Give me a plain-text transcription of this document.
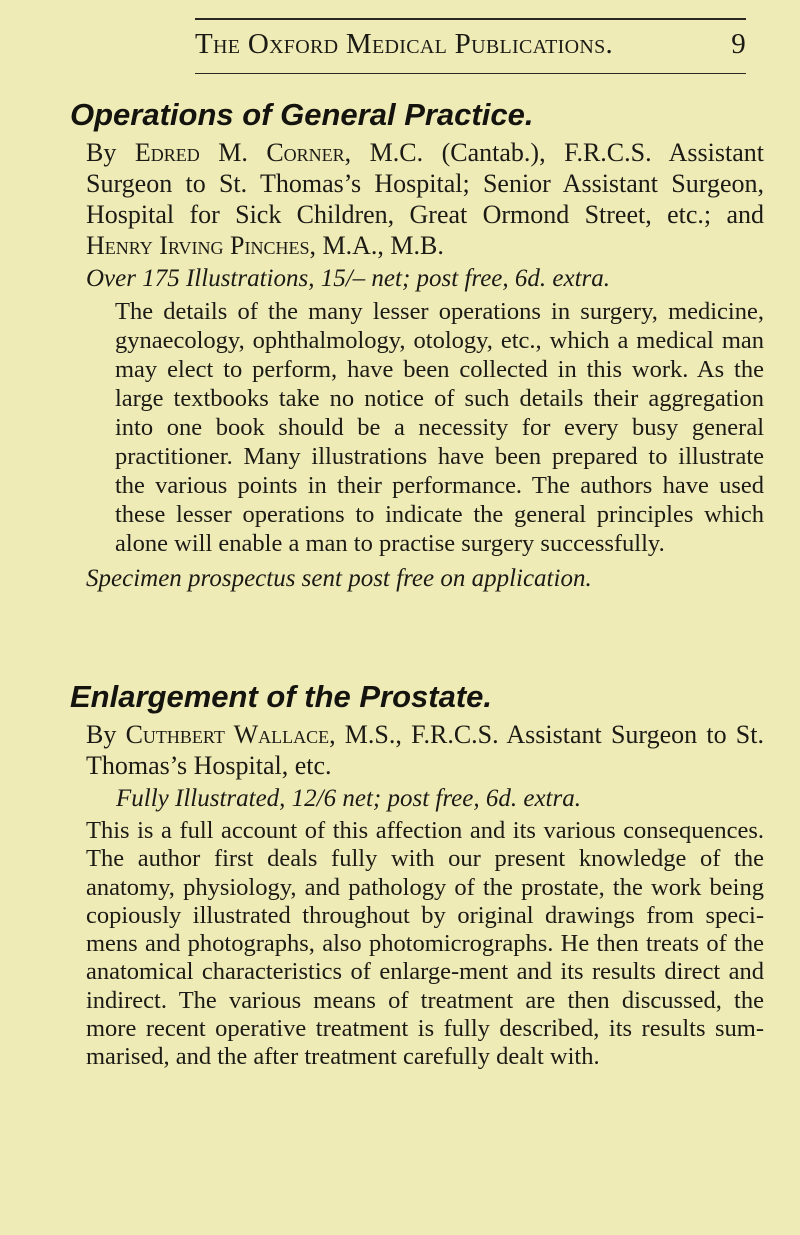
The Oxford Medical Publications.	9
Operations of General Practice.

By Edred M. Corner, M.C. (Cantab.), F.R.C.S. Assistant Surgeon to St. Thomas’s Hospital; Senior Assistant Surgeon, Hospital for Sick Children, Great Ormond Street, etc.; and Henry Irving Pinches, M.A., M.B.

Over 175 Illustrations, 15/– net; post free, 6d. extra.

The details of the many lesser operations in surgery, medicine, gynaecology, ophthalmology, otology, etc., which a medical man may elect to perform, have been collected in this work. As the large textbooks take no notice of such details their aggregation into one book should be a necessity for every busy general practitioner. Many illustrations have been prepared to illustrate the various points in their performance. The authors have used these lesser operations to indicate the general principles which alone will enable a man to practise surgery successfully.

Specimen prospectus sent post free on application.

Enlargement of the Prostate.

By Cuthbert Wallace, M.S., F.R.C.S. Assistant Surgeon to St. Thomas’s Hospital, etc.

Fully Illustrated, 12/6 net; post free, 6d. extra.

This is a full account of this affection and its various consequences. The author first deals fully with our present knowledge of the anatomy, physiology, and pathology of the prostate, the work being copiously illustrated throughout by original drawings from speci-mens and photographs, also photomicrographs. He then treats of the anatomical characteristics of enlarge-ment and its results direct and indirect. The various means of treatment are then discussed, the more recent operative treatment is fully described, its results sum-marised, and the after treatment carefully dealt with.
